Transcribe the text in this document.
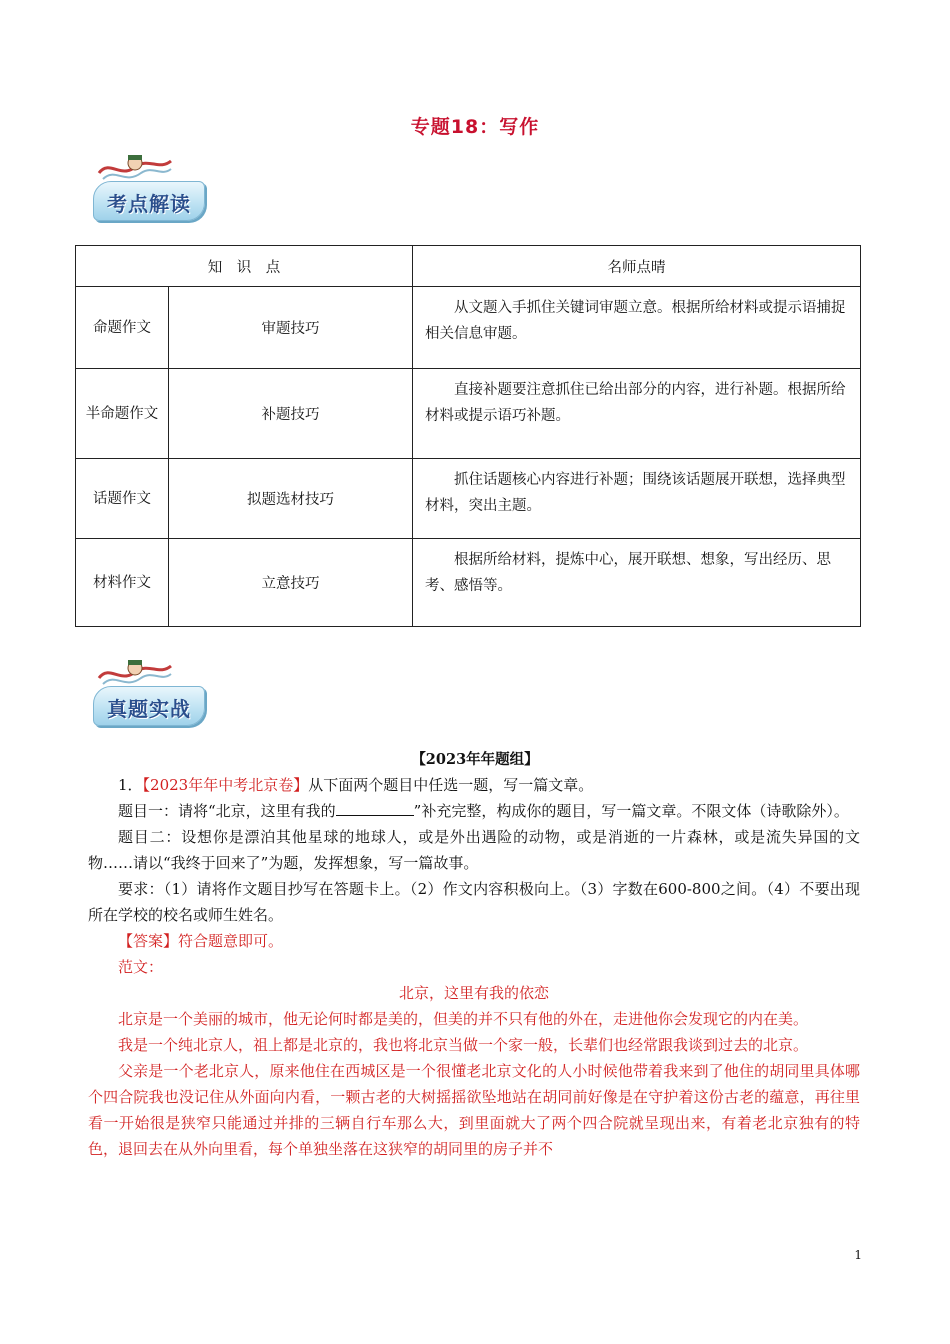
专题18：写作
考点解读
知　识　点		名师点晴
命题作文	审题技巧	从文题入手抓住关键词审题立意。根据所给材料或提示语捕捉相关信息审题。
半命题作文	补题技巧	直接补题要注意抓住已给出部分的内容，进行补题。根据所给材料或提示语巧补题。
话题作文	拟题选材技巧	抓住话题核心内容进行补题；围绕该话题展开联想，选择典型材料，突出主题。
材料作文	立意技巧	根据所给材料，提炼中心，展开联想、想象，写出经历、思考、感悟等。
真题实战
【2023年年题组】

1．【2023年年中考北京卷】从下面两个题目中任选一题，写一篇文章。

题目一：请将“北京，这里有我的	”补充完整，构成你的题目，写一篇文章。不限文体（诗歌除外）。

题目二：设想你是漂泊其他星球的地球人，或是外出遇险的动物，或是消逝的一片森林，或是流失异国的文物……请以“我终于回来了”为题，发挥想象，写一篇故事。

要求：（1）请将作文题目抄写在答题卡上。（2）作文内容积极向上。（3）字数在600-800之间。（4）不要出现所在学校的校名或师生姓名。

【答案】符合题意即可。

范文：

北京，这里有我的依恋

北京是一个美丽的城市，他无论何时都是美的，但美的并不只有他的外在，走进他你会发现它的内在美。

我是一个纯北京人，祖上都是北京的，我也将北京当做一个家一般，长辈们也经常跟我谈到过去的北京。

父亲是一个老北京人，原来他住在西城区是一个很懂老北京文化的人小时候他带着我来到了他住的胡同里具体哪个四合院我也没记住从外面向内看，一颗古老的大树摇摇欲坠地站在胡同前好像是在守护着这份古老的蕴意，再往里看一开始很是狭窄只能通过并排的三辆自行车那么大，到里面就大了两个四合院就呈现出来，有着老北京独有的特色，退回去在从外向里看，每个单独坐落在这狭窄的胡同里的房子并不

1
